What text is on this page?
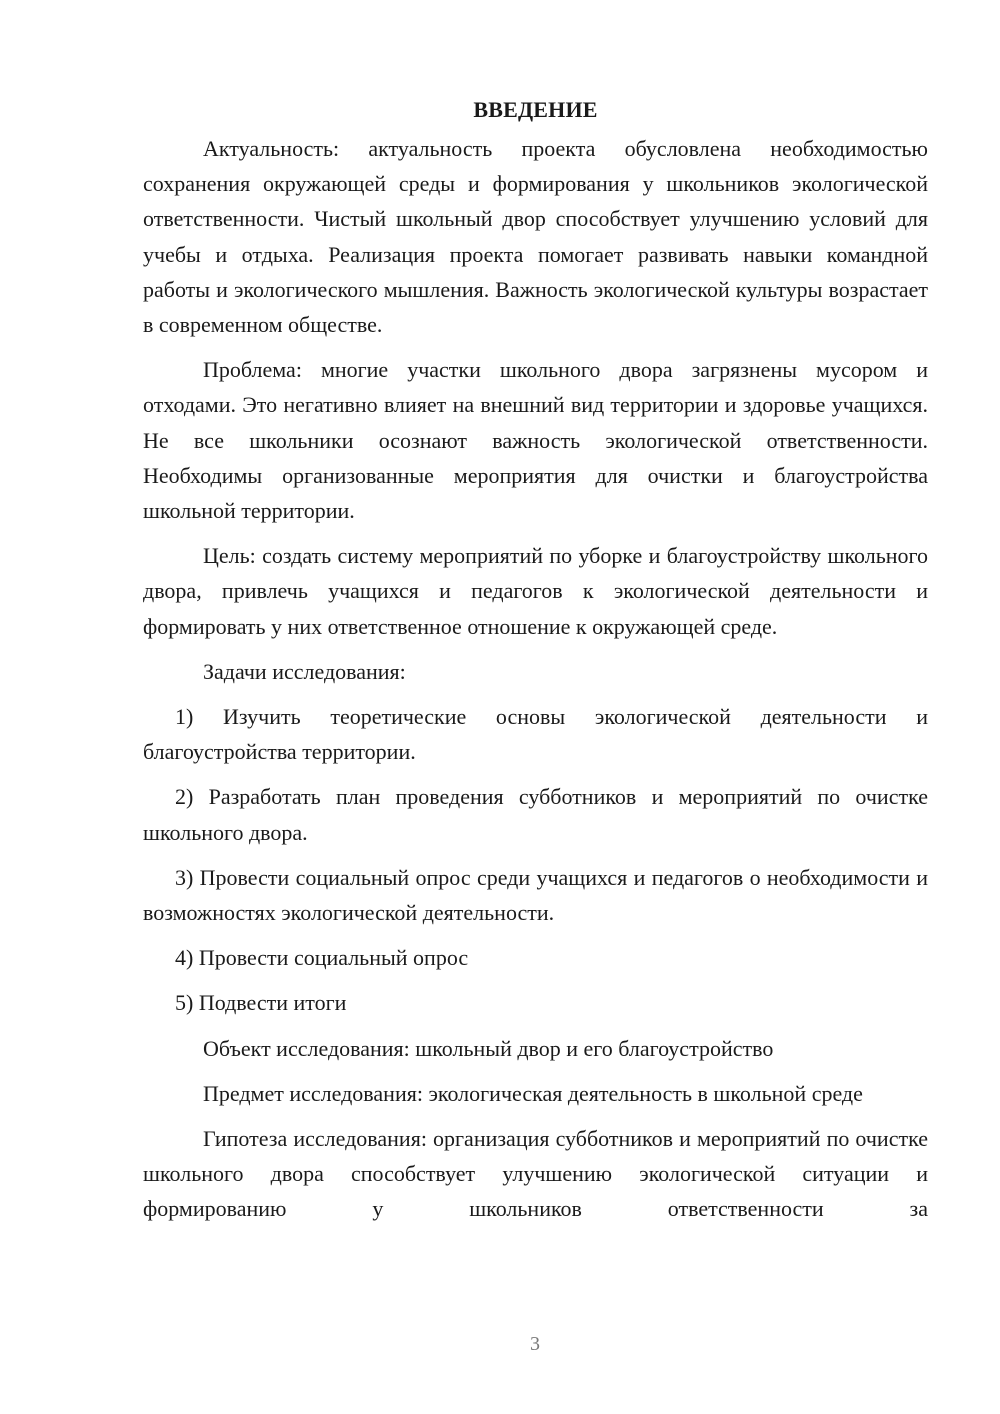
ВВЕДЕНИЕ

Актуальность: актуальность проекта обусловлена необходимостью сохранения окружающей среды и формирования у школьников экологической ответственности. Чистый школьный двор способствует улучшению условий для учебы и отдыха. Реализация проекта помогает развивать навыки командной работы и экологического мышления. Важность экологической культуры возрастает в современном обществе.

Проблема: многие участки школьного двора загрязнены мусором и отходами. Это негативно влияет на внешний вид территории и здоровье учащихся. Не все школьники осознают важность экологической ответственности. Необходимы организованные мероприятия для очистки и благоустройства школьной территории.

Цель: создать систему мероприятий по уборке и благоустройству школьного двора, привлечь учащихся и педагогов к экологической деятельности и формировать у них ответственное отношение к окружающей среде.

Задачи исследования:

1) Изучить теоретические основы экологической деятельности и благоустройства территории.

2) Разработать план проведения субботников и мероприятий по очистке школьного двора.

3) Провести социальный опрос среди учащихся и педагогов о необходимости и возможностях экологической деятельности.

4) Провести социальный опрос

5) Подвести итоги

Объект исследования: школьный двор и его благоустройство

Предмет исследования: экологическая деятельность в школьной среде

Гипотеза исследования: организация субботников и мероприятий по очистке школьного двора способствует улучшению экологической ситуации и формированию у школьников ответственности за

3
